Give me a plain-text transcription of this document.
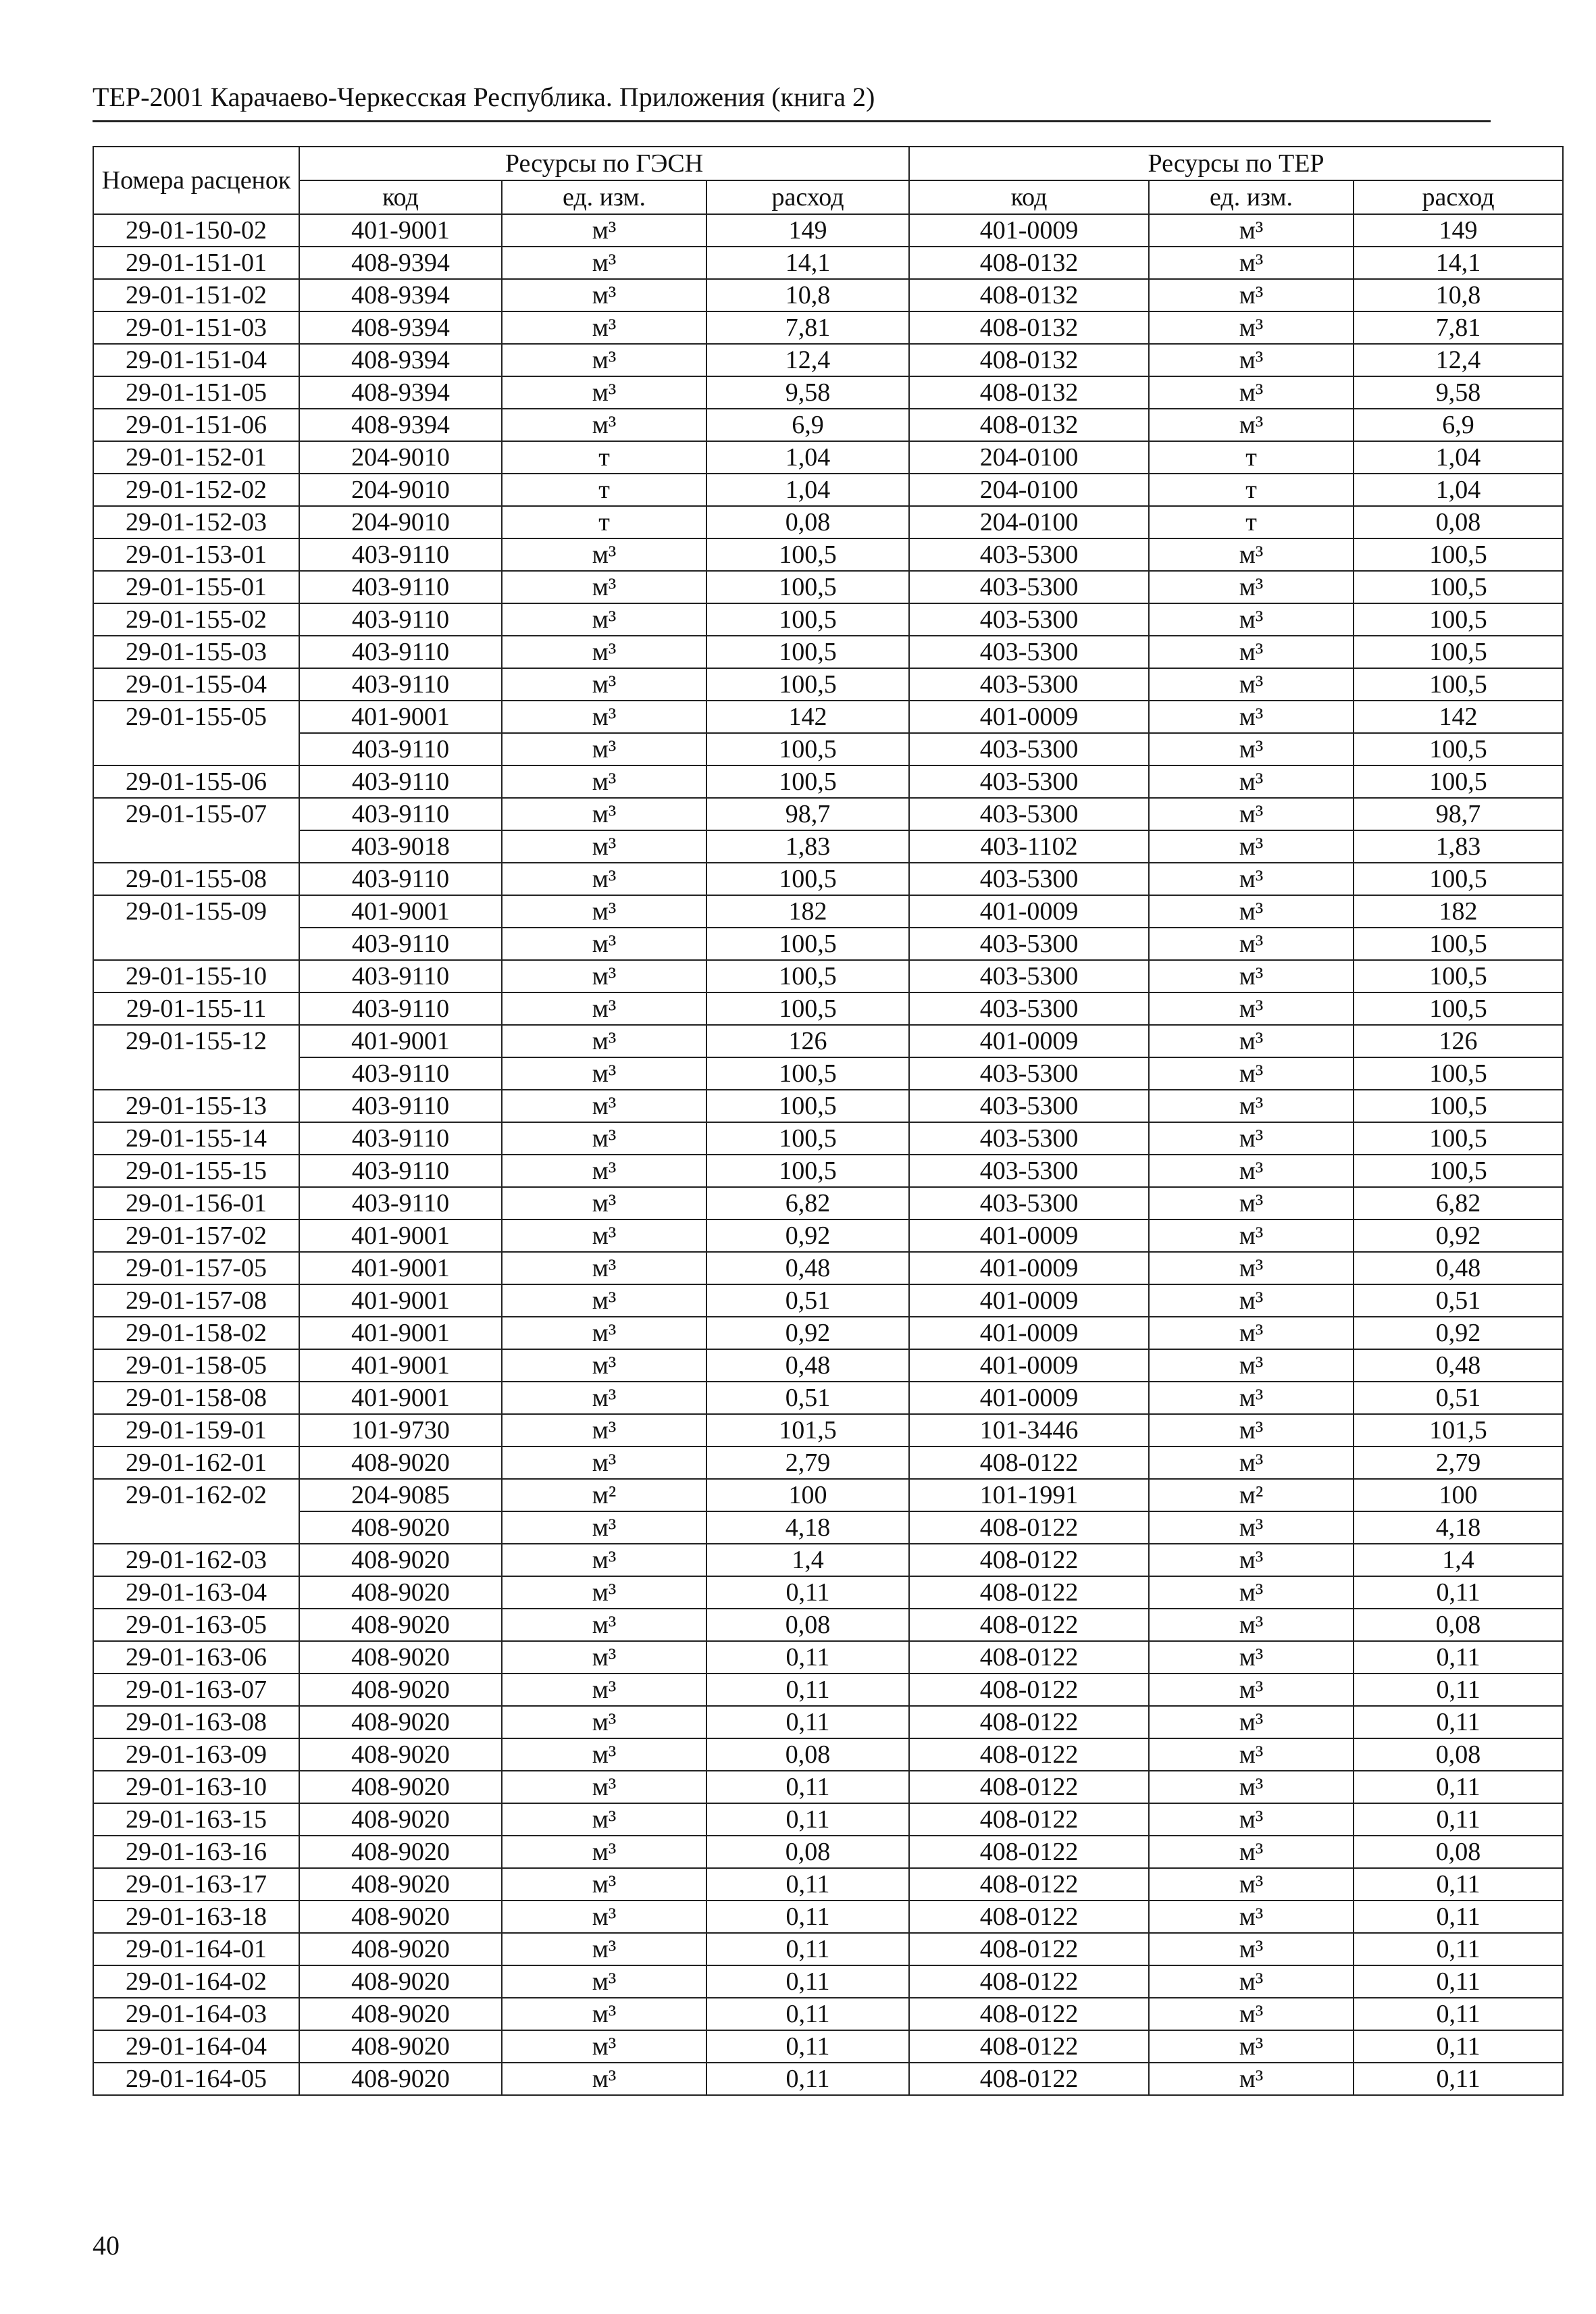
ТЕР-2001 Карачаево-Черкесская Республика. Приложения (книга 2)
Номера расценок	Ресурсы по ГЭСН			Ресурсы по ТЕР		
	код	ед. изм.	расход	код	ед. изм.	расход
29-01-150-02	401-9001	м³	149	401-0009	м³	149
29-01-151-01	408-9394	м³	14,1	408-0132	м³	14,1
29-01-151-02	408-9394	м³	10,8	408-0132	м³	10,8
29-01-151-03	408-9394	м³	7,81	408-0132	м³	7,81
29-01-151-04	408-9394	м³	12,4	408-0132	м³	12,4
29-01-151-05	408-9394	м³	9,58	408-0132	м³	9,58
29-01-151-06	408-9394	м³	6,9	408-0132	м³	6,9
29-01-152-01	204-9010	т	1,04	204-0100	т	1,04
29-01-152-02	204-9010	т	1,04	204-0100	т	1,04
29-01-152-03	204-9010	т	0,08	204-0100	т	0,08
29-01-153-01	403-9110	м³	100,5	403-5300	м³	100,5
29-01-155-01	403-9110	м³	100,5	403-5300	м³	100,5
29-01-155-02	403-9110	м³	100,5	403-5300	м³	100,5
29-01-155-03	403-9110	м³	100,5	403-5300	м³	100,5
29-01-155-04	403-9110	м³	100,5	403-5300	м³	100,5
29-01-155-05	401-9001	м³	142	401-0009	м³	142
	403-9110	м³	100,5	403-5300	м³	100,5
29-01-155-06	403-9110	м³	100,5	403-5300	м³	100,5
29-01-155-07	403-9110	м³	98,7	403-5300	м³	98,7
	403-9018	м³	1,83	403-1102	м³	1,83
29-01-155-08	403-9110	м³	100,5	403-5300	м³	100,5
29-01-155-09	401-9001	м³	182	401-0009	м³	182
	403-9110	м³	100,5	403-5300	м³	100,5
29-01-155-10	403-9110	м³	100,5	403-5300	м³	100,5
29-01-155-11	403-9110	м³	100,5	403-5300	м³	100,5
29-01-155-12	401-9001	м³	126	401-0009	м³	126
	403-9110	м³	100,5	403-5300	м³	100,5
29-01-155-13	403-9110	м³	100,5	403-5300	м³	100,5
29-01-155-14	403-9110	м³	100,5	403-5300	м³	100,5
29-01-155-15	403-9110	м³	100,5	403-5300	м³	100,5
29-01-156-01	403-9110	м³	6,82	403-5300	м³	6,82
29-01-157-02	401-9001	м³	0,92	401-0009	м³	0,92
29-01-157-05	401-9001	м³	0,48	401-0009	м³	0,48
29-01-157-08	401-9001	м³	0,51	401-0009	м³	0,51
29-01-158-02	401-9001	м³	0,92	401-0009	м³	0,92
29-01-158-05	401-9001	м³	0,48	401-0009	м³	0,48
29-01-158-08	401-9001	м³	0,51	401-0009	м³	0,51
29-01-159-01	101-9730	м³	101,5	101-3446	м³	101,5
29-01-162-01	408-9020	м³	2,79	408-0122	м³	2,79
29-01-162-02	204-9085	м²	100	101-1991	м²	100
	408-9020	м³	4,18	408-0122	м³	4,18
29-01-162-03	408-9020	м³	1,4	408-0122	м³	1,4
29-01-163-04	408-9020	м³	0,11	408-0122	м³	0,11
29-01-163-05	408-9020	м³	0,08	408-0122	м³	0,08
29-01-163-06	408-9020	м³	0,11	408-0122	м³	0,11
29-01-163-07	408-9020	м³	0,11	408-0122	м³	0,11
29-01-163-08	408-9020	м³	0,11	408-0122	м³	0,11
29-01-163-09	408-9020	м³	0,08	408-0122	м³	0,08
29-01-163-10	408-9020	м³	0,11	408-0122	м³	0,11
29-01-163-15	408-9020	м³	0,11	408-0122	м³	0,11
29-01-163-16	408-9020	м³	0,08	408-0122	м³	0,08
29-01-163-17	408-9020	м³	0,11	408-0122	м³	0,11
29-01-163-18	408-9020	м³	0,11	408-0122	м³	0,11
29-01-164-01	408-9020	м³	0,11	408-0122	м³	0,11
29-01-164-02	408-9020	м³	0,11	408-0122	м³	0,11
29-01-164-03	408-9020	м³	0,11	408-0122	м³	0,11
29-01-164-04	408-9020	м³	0,11	408-0122	м³	0,11
29-01-164-05	408-9020	м³	0,11	408-0122	м³	0,11
40
